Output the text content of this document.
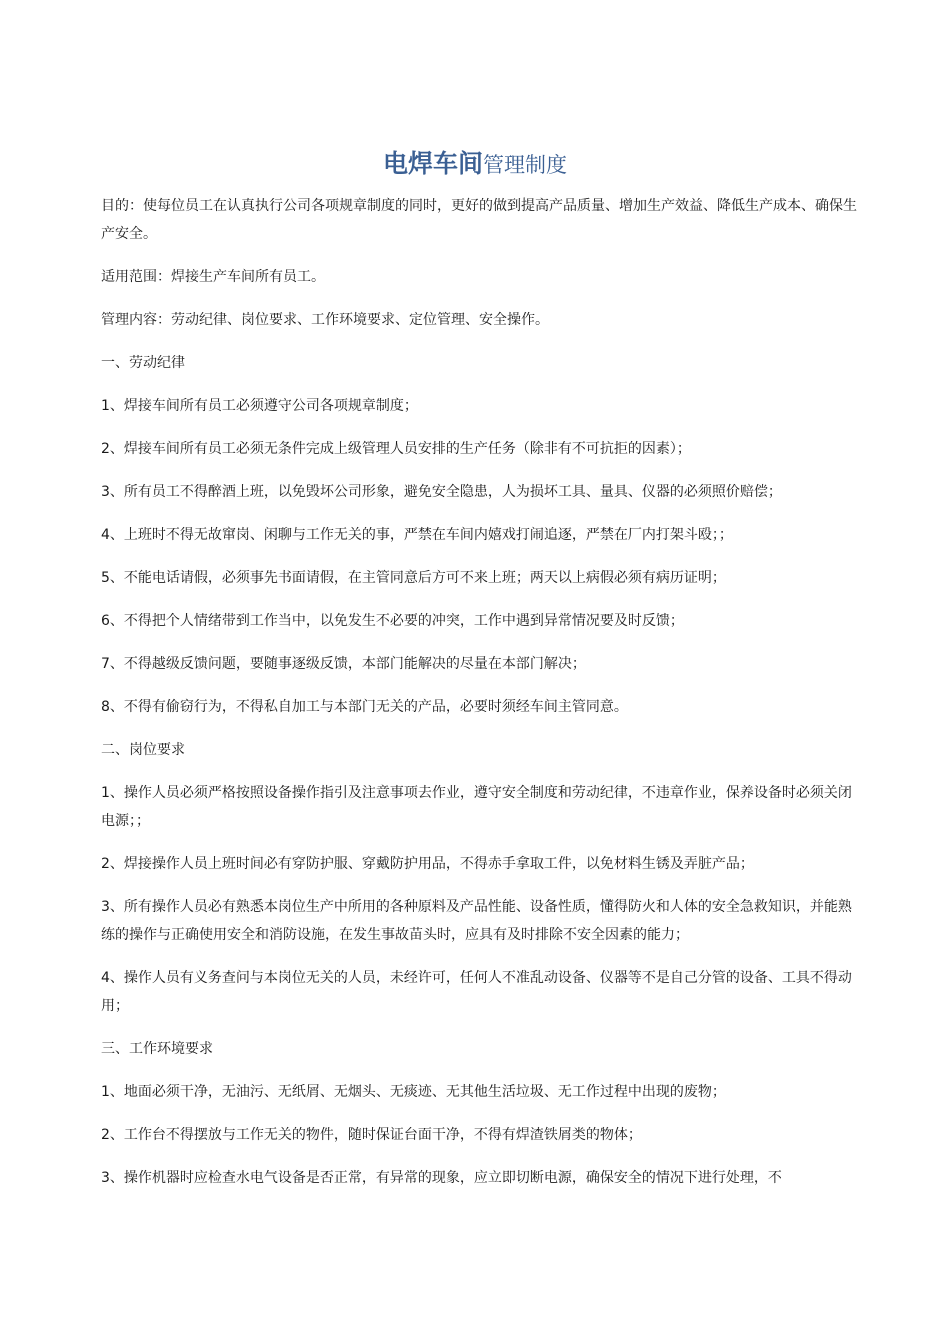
电焊车间管理制度

目的：使每位员工在认真执行公司各项规章制度的同时，更好的做到提高产品质量、增加生产效益、降低生产成本、确保生产安全。

适用范围：焊接生产车间所有员工。

管理内容：劳动纪律、岗位要求、工作环境要求、定位管理、安全操作。

一、劳动纪律

1、焊接车间所有员工必须遵守公司各项规章制度；

2、焊接车间所有员工必须无条件完成上级管理人员安排的生产任务（除非有不可抗拒的因素）；

3、所有员工不得醉酒上班，以免毁坏公司形象，避免安全隐患，人为损坏工具、量具、仪器的必须照价赔偿；

4、上班时不得无故窜岗、闲聊与工作无关的事，严禁在车间内嬉戏打闹追逐，严禁在厂内打架斗殴；；

5、不能电话请假，必须事先书面请假，在主管同意后方可不来上班；两天以上病假必须有病历证明；

6、不得把个人情绪带到工作当中，以免发生不必要的冲突，工作中遇到异常情况要及时反馈；

7、不得越级反馈问题，要随事逐级反馈，本部门能解决的尽量在本部门解决；

8、不得有偷窃行为，不得私自加工与本部门无关的产品，必要时须经车间主管同意。

二、岗位要求

1、操作人员必须严格按照设备操作指引及注意事项去作业，遵守安全制度和劳动纪律，不违章作业，保养设备时必须关闭电源；；

2、焊接操作人员上班时间必有穿防护服、穿戴防护用品，不得赤手拿取工件，以免材料生锈及弄脏产品；

3、所有操作人员必有熟悉本岗位生产中所用的各种原料及产品性能、设备性质，懂得防火和人体的安全急救知识，并能熟练的操作与正确使用安全和消防设施，在发生事故苗头时，应具有及时排除不安全因素的能力；

4、操作人员有义务查问与本岗位无关的人员，未经许可，任何人不准乱动设备、仪器等不是自己分管的设备、工具不得动用；

三、工作环境要求

1、地面必须干净，无油污、无纸屑、无烟头、无痰迹、无其他生活垃圾、无工作过程中出现的废物；

2、工作台不得摆放与工作无关的物件，随时保证台面干净，不得有焊渣铁屑类的物体；

3、操作机器时应检查水电气设备是否正常，有异常的现象，应立即切断电源，确保安全的情况下进行处理，不
